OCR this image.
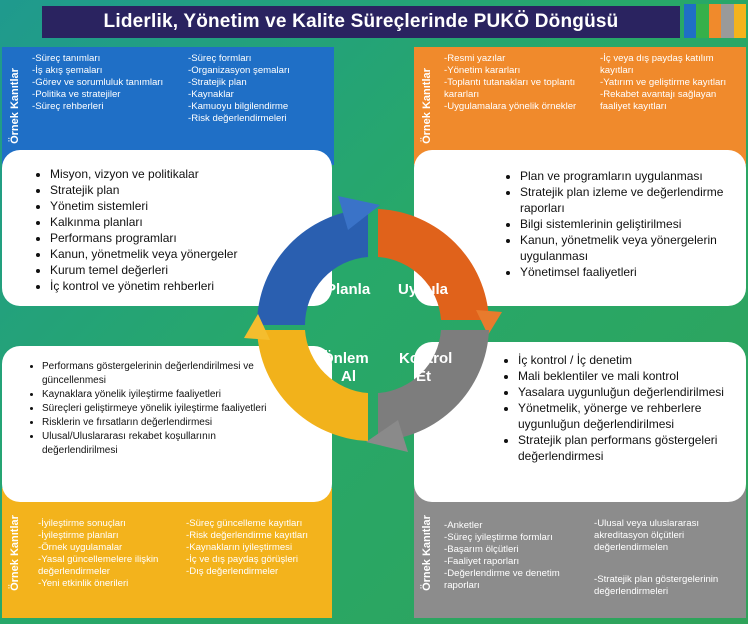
Liderlik, Yönetim ve Kalite Süreçlerinde PUKÖ Döngüsü
Örnek Kanıtlar
-Süreç tanımları
-İş akış şemaları
-Görev ve sorumluluk tanımları
-Politika ve stratejiler
-Süreç rehberleri
-Süreç formları
-Organizasyon şemaları
-Stratejik plan
-Kaynaklar
-Kamuoyu bilgilendirme
-Risk değerlendirmeleri	Örnek Kanıtlar
-Resmi yazılar
-Yönetim kararları
-Toplantı tutanakları ve toplantı kararları
-Uygulamalara yönelik örnekler
-İç veya dış paydaş katılım kayıtları
-Yatırım ve geliştirme kayıtları
-Rekabet avantajı sağlayan faaliyet kayıtları
Örnek Kanıtlar -İyileştirme sonuçları
-İyileştirme planları
-Örnek uygulamalar
-Yasal güncellemelere ilişkin değerlendirmeler
-Yeni etkinlik önerileri
-Süreç güncelleme kayıtları
-Risk değerlendirme kayıtları
-Kaynakların iyileştirmesi
-İç ve dış paydaş görüşleri
-Dış değerlendirmeler	Örnek Kanıtlar -Anketler
-Süreç iyileştirme formları
-Başarım ölçütleri
-Faaliyet raporları
-Değerlendirme ve denetim raporları
-Ulusal veya uluslararası akreditasyon ölçütleri değerlendirmelen
-Stratejik plan göstergelerinin değerlendirmeleri
• Misyon, vizyon ve politikalar
• Stratejik plan
• Yönetim sistemleri
• Kalkınma planları
• Performans programları
• Kanun, yönetmelik veya yönergeler
• Kurum temel değerleri
• İç kontrol ve yönetim rehberleri
• Plan ve programların uygulanması
• Stratejik plan izleme ve değerlendirme raporları
• Bilgi sistemlerinin geliştirilmesi
• Kanun, yönetmelik veya yönergelerin uygulanması
• Yönetimsel faaliyetleri
• Performans göstergelerinin değerlendirilmesi ve güncellenmesi
• Kaynaklara yönelik iyileştirme faaliyetleri
• Süreçleri geliştirmeye yönelik iyileştirme faaliyetleri
• Risklerin ve fırsatların değerlendirmesi
• Ulusal/Uluslararası rekabet koşullarının değerlendirilmesi
• İç kontrol / İç denetim
• Mali beklentiler ve mali kontrol
• Yasalara uygunluğun değerlendirilmesi
• Yönetmelik, yönerge ve rehberlere uygunluğun değerlendirilmesi
• Stratejik plan performans göstergeleri değerlendirmesi
Planla Uygula
Önlem
Al
Kontrol
Et
